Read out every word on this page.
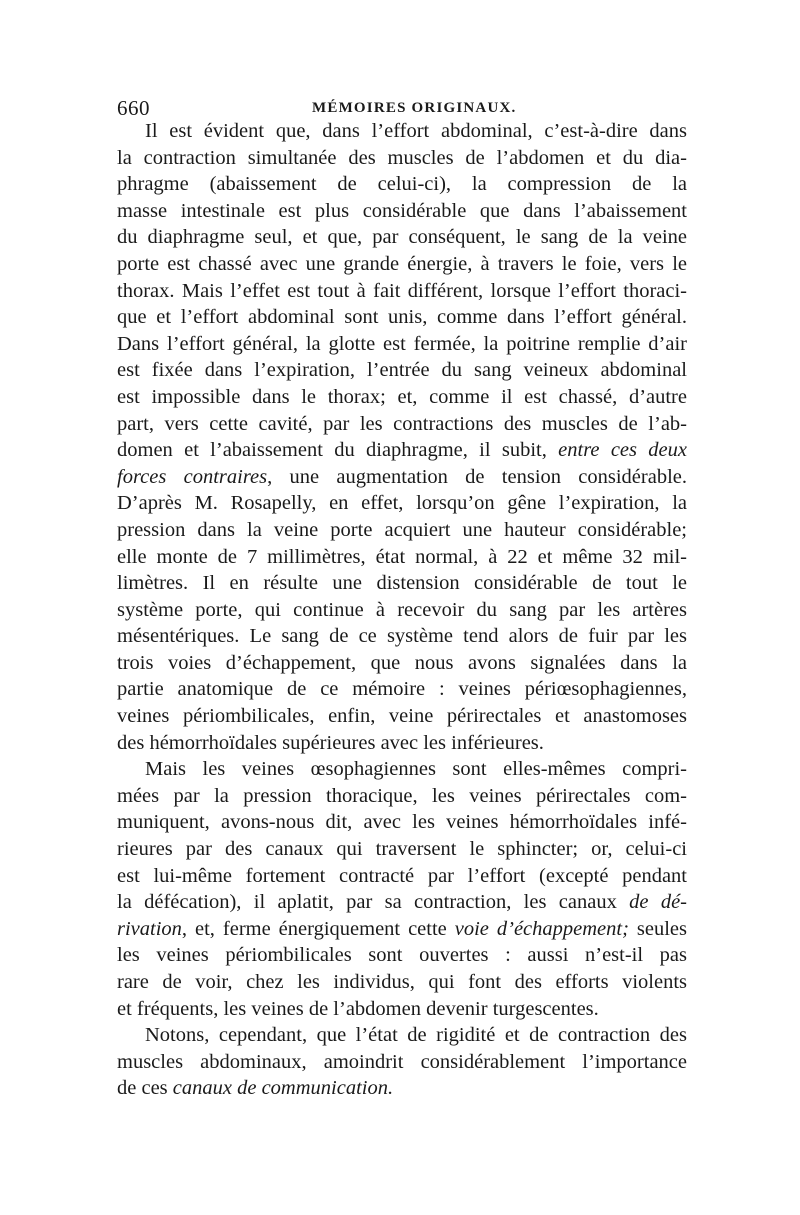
660	MÉMOIRES ORIGINAUX.
Il est évident que, dans l’effort abdominal, c’est-à-dire dans
la contraction simultanée des muscles de l’abdomen et du dia-
phragme (abaissement de celui-ci), la compression de la
masse intestinale est plus considérable que dans l’abaissement
du diaphragme seul, et que, par conséquent, le sang de la veine
porte est chassé avec une grande énergie, à travers le foie, vers le
thorax. Mais l’effet est tout à fait différent, lorsque l’effort thoraci-
que et l’effort abdominal sont unis, comme dans l’effort général.
Dans l’effort général, la glotte est fermée, la poitrine remplie d’air
est fixée dans l’expiration, l’entrée du sang veineux abdominal
est impossible dans le thorax; et, comme il est chassé, d’autre
part, vers cette cavité, par les contractions des muscles de l’ab-
domen et l’abaissement du diaphragme, il subit, entre ces deux
forces contraires, une augmentation de tension considérable.
D’après M. Rosapelly, en effet, lorsqu’on gêne l’expiration, la
pression dans la veine porte acquiert une hauteur considérable;
elle monte de 7 millimètres, état normal, à 22 et même 32 mil-
limètres. Il en résulte une distension considérable de tout le
système porte, qui continue à recevoir du sang par les artères
mésentériques. Le sang de ce système tend alors de fuir par les
trois voies d’échappement, que nous avons signalées dans la
partie anatomique de ce mémoire : veines périœsophagiennes,
veines périombilicales, enfin, veine périrectales et anastomoses
des hémorrhoïdales supérieures avec les inférieures.
Mais les veines œsophagiennes sont elles-mêmes compri-
mées par la pression thoracique, les veines périrectales com-
muniquent, avons-nous dit, avec les veines hémorrhoïdales infé-
rieures par des canaux qui traversent le sphincter; or, celui-ci
est lui-même fortement contracté par l’effort (excepté pendant
la défécation), il aplatit, par sa contraction, les canaux de dé-
rivation, et, ferme énergiquement cette voie d’échappement; seules
les veines périombilicales sont ouvertes : aussi n’est-il pas
rare de voir, chez les individus, qui font des efforts violents
et fréquents, les veines de l’abdomen devenir turgescentes.
Notons, cependant, que l’état de rigidité et de contraction des
muscles abdominaux, amoindrit considérablement l’importance
de ces canaux de communication.
